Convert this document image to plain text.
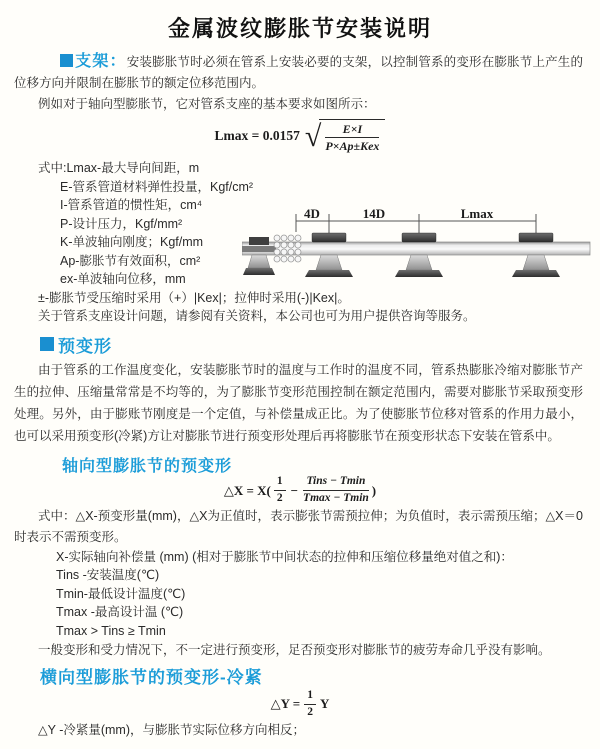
金属波纹膨胀节安装说明

支架：安装膨胀节时必须在管系上安装必要的支架，以控制管系的变形在膨胀节上产生的位移方向并限制在膨胀节的额定位移范围内。

例如对于轴向型膨胀节，它对管系支座的基本要求如图所示：

Lmax = 0.0157 √ $\frac{E\times I}{\text{P×Ap±Kex}}$
式中:Lmax-最大导向间距，m
E-管系管道材料弹性投量，Kgf/cm²
I-管系管道的惯性矩，cm⁴
P-设计压力，Kgf/mm²
K-单波轴向刚度；Kgf/mm
Ap-膨胀节有效面积，cm²
ex-单波轴向位移，mm
±-膨胀节受压缩时采用（+）|Kex|；拉伸时采用(-)|Kex|。
关于管系支座设计问题，请参阅有关资料，本公司也可为用户提供咨询等服务。
4D	14D	Lmax
预变形

由于管系的工作温度变化，安装膨胀节时的温度与工作时的温度不同，管系热膨胀冷缩对膨胀节产生的拉伸、压缩量常常是不均等的，为了膨胀节变形范围控制在额定范围内，需要对膨胀节采取预变形处理。另外，由于膨账节刚度是一个定值，与补偿量成正比。为了使膨胀节位移对管系的作用力最小，也可以采用预变形(冷紧)方让对膨胀节进行预变形处理后再将膨胀节在预变形状态下安装在管系中。

轴向型膨胀节的预变形
△X = $X( \frac{1}{2} - \frac{\text{Tins − Tmin}}{Tmax - Tmin}$ )

式中：△X-预变形量(mm)，△X为正值时，表示膨张节需预拉伸；为负值时，表示需预压缩；△X＝0时表示不需预变形。

X-实际轴向补偿量 (mm) (相对于膨胀节中间状态的拉伸和压缩位移量绝对值之和)：
Tins -安装温度(℃)
Tmin-最低设计温度(℃)
Tmax -最高设计温 (℃)
Tmax > Tins ≥ Tmin

一般变形和受力情况下，不一定进行预变形，足否预变形对膨胀节的疲劳寿命几乎没有影响。

横向型膨胀节的预变形-冷紧
△Y = $\frac{1}{2}$ Y

△Y -冷紧量(mm)，与膨胀节实际位移方向相反；
